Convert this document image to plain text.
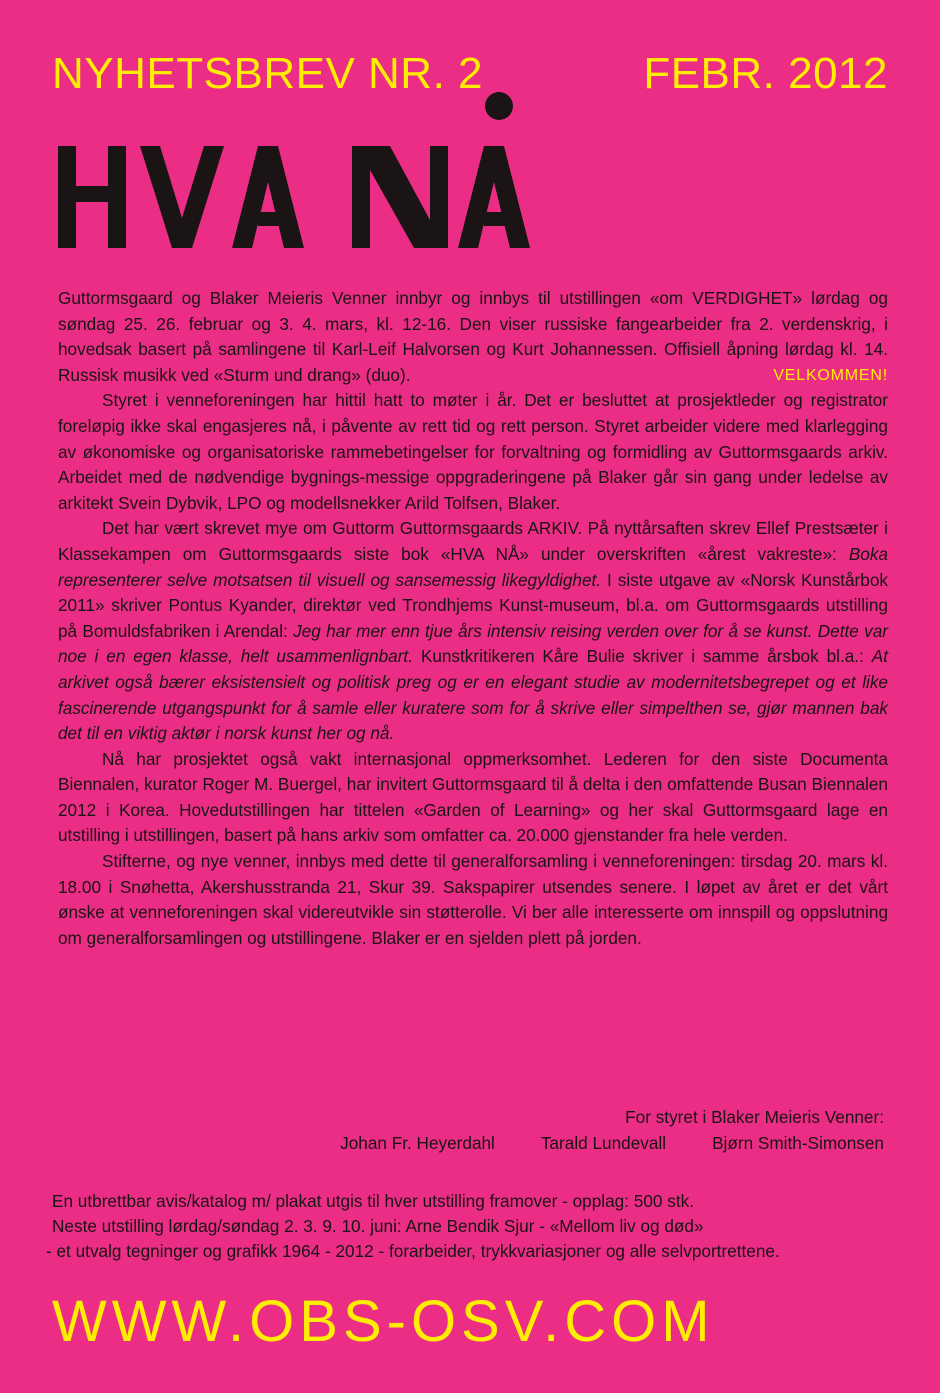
NYHETSBREV NR. 2	FEBR. 2012

Guttormsgaard og Blaker Meieris Venner innbyr og innbys til utstillingen «om VERDIGHET» lørdag og søndag 25. 26. februar og 3. 4. mars, kl. 12-16. Den viser russiske fangearbeider fra 2. verdenskrig, i hovedsak basert på samlingene til Karl-Leif Halvorsen og Kurt Johannessen. Offisiell åpning lørdag kl. 14. Russisk musikk ved «Sturm und drang» (duo).	VELKOMMEN!

Styret i venneforeningen har hittil hatt to møter i år. Det er besluttet at prosjektleder og registrator foreløpig ikke skal engasjeres nå, i påvente av rett tid og rett person. Styret arbeider videre med klarlegging av økonomiske og organisatoriske rammebetingelser for forvaltning og formidling av Guttormsgaards arkiv. Arbeidet med de nødvendige bygnings-messige oppgraderingene på Blaker går sin gang under ledelse av arkitekt Svein Dybvik, LPO og modellsnekker Arild Tolfsen, Blaker.

Det har vært skrevet mye om Guttorm Guttormsgaards ARKIV. På nyttårsaften skrev Ellef Prestsæter i Klassekampen om Guttormsgaards siste bok «HVA NÅ» under overskriften «årest vakreste»: Boka representerer selve motsatsen til visuell og sansemessig likegyldighet. I siste utgave av «Norsk Kunstårbok 2011» skriver Pontus Kyander, direktør ved Trondhjems Kunst-museum, bl.a. om Guttormsgaards utstilling på Bomuldsfabriken i Arendal: Jeg har mer enn tjue års intensiv reising verden over for å se kunst. Dette var noe i en egen klasse, helt usammenlignbart. Kunstkritikeren Kåre Bulie skriver i samme årsbok bl.a.: At arkivet også bærer eksistensielt og politisk preg og er en elegant studie av modernitetsbegrepet og et like fascinerende utgangspunkt for å samle eller kuratere som for å skrive eller simpelthen se, gjør mannen bak det til en viktig aktør i norsk kunst her og nå.

Nå har prosjektet også vakt internasjonal oppmerksomhet. Lederen for den siste Documenta Biennalen, kurator Roger M. Buergel, har invitert Guttormsgaard til å delta i den omfattende Busan Biennalen 2012 i Korea. Hovedutstillingen har tittelen «Garden of Learning» og her skal Guttormsgaard lage en utstilling i utstillingen, basert på hans arkiv som omfatter ca. 20.000 gjenstander fra hele verden.

Stifterne, og nye venner, innbys med dette til generalforsamling i venneforeningen: tirsdag 20. mars kl. 18.00 i Snøhetta, Akershusstranda 21, Skur 39. Sakspapirer utsendes senere. I løpet av året er det vårt ønske at venneforeningen skal videreutvikle sin støtterolle. Vi ber alle interesserte om innspill og oppslutning om generalforsamlingen og utstillingene. Blaker er en sjelden plett på jorden.

For styret i Blaker Meieris Venner:
Johan Fr. Heyerdahl	Tarald Lundevall	Bjørn Smith-Simonsen
En utbrettbar avis/katalog m/ plakat utgis til hver utstilling framover - opplag: 500 stk.
Neste utstilling lørdag/søndag 2. 3. 9. 10. juni: Arne Bendik Sjur - «Mellom liv og død»
- et utvalg tegninger og grafikk 1964 - 2012 - forarbeider, trykkvariasjoner og alle selvportrettene.
WWW.OBS-OSV.COM
